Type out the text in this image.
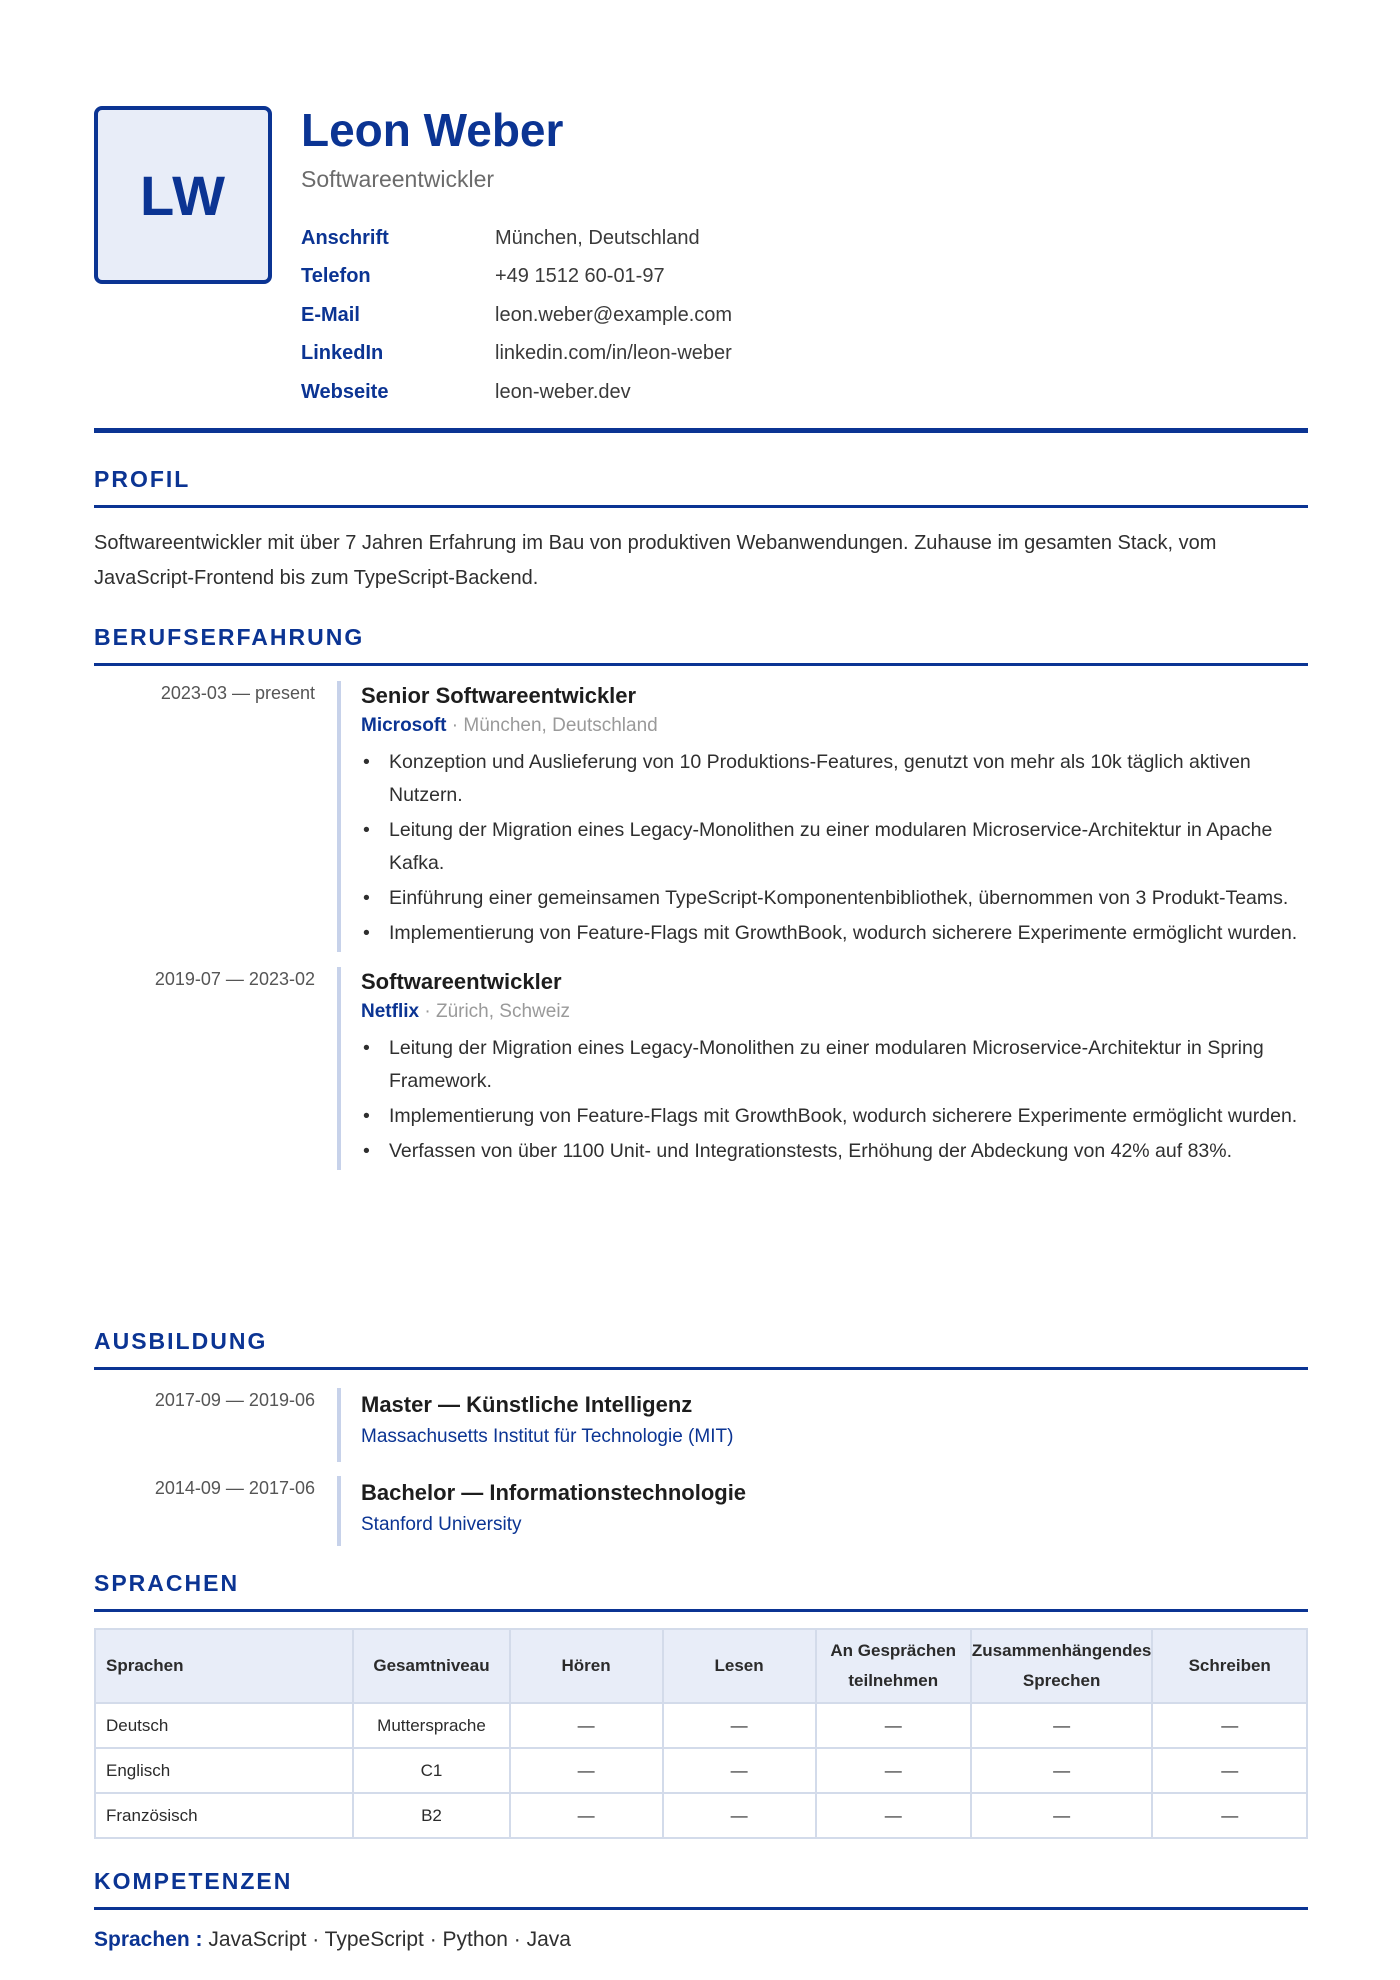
LW
Leon Weber
Softwareentwickler
Anschrift	München, Deutschland
Telefon	+49 1512 60-01-97
E-Mail	leon.weber@example.com
LinkedIn	linkedin.com/in/leon-weber
Webseite	leon-weber.dev
PROFIL

Softwareentwickler mit über 7 Jahren Erfahrung im Bau von produktiven Webanwendungen. Zuhause im gesamten Stack, vom JavaScript-Frontend bis zum TypeScript-Backend.

BERUFSERFAHRUNG
2023-03 — present	Senior Softwareentwickler
Microsoft · München, Deutschland
• Konzeption und Auslieferung von 10 Produktions-Features, genutzt von mehr als 10k täglich aktiven Nutzern.
• Leitung der Migration eines Legacy-Monolithen zu einer modularen Microservice-Architektur in Apache Kafka.
• Einführung einer gemeinsamen TypeScript-Komponentenbibliothek, übernommen von 3 Produkt-Teams.
• Implementierung von Feature-Flags mit GrowthBook, wodurch sicherere Experimente ermöglicht wurden.
2019-07 — 2023-02	Softwareentwickler
Netflix · Zürich, Schweiz
• Leitung der Migration eines Legacy-Monolithen zu einer modularen Microservice-Architektur in Spring Framework.
• Implementierung von Feature-Flags mit GrowthBook, wodurch sicherere Experimente ermöglicht wurden.
• Verfassen von über 1100 Unit- und Integrationstests, Erhöhung der Abdeckung von 42% auf 83%.
AUSBILDUNG
2017-09 — 2019-06	Master — Künstliche Intelligenz
Massachusetts Institut für Technologie (MIT)
2014-09 — 2017-06	Bachelor — Informationstechnologie
Stanford University
SPRACHEN
Sprachen	Gesamtniveau	Hören	Lesen	An Gesprächen teilnehmen	Zusammenhängendes Sprechen	Schreiben
Deutsch	Muttersprache	—	—	—	—	—
Englisch	C1	—	—	—	—	—
Französisch	B2	—	—	—	—	—
KOMPETENZEN
Sprachen : JavaScript · TypeScript · Python · Java
